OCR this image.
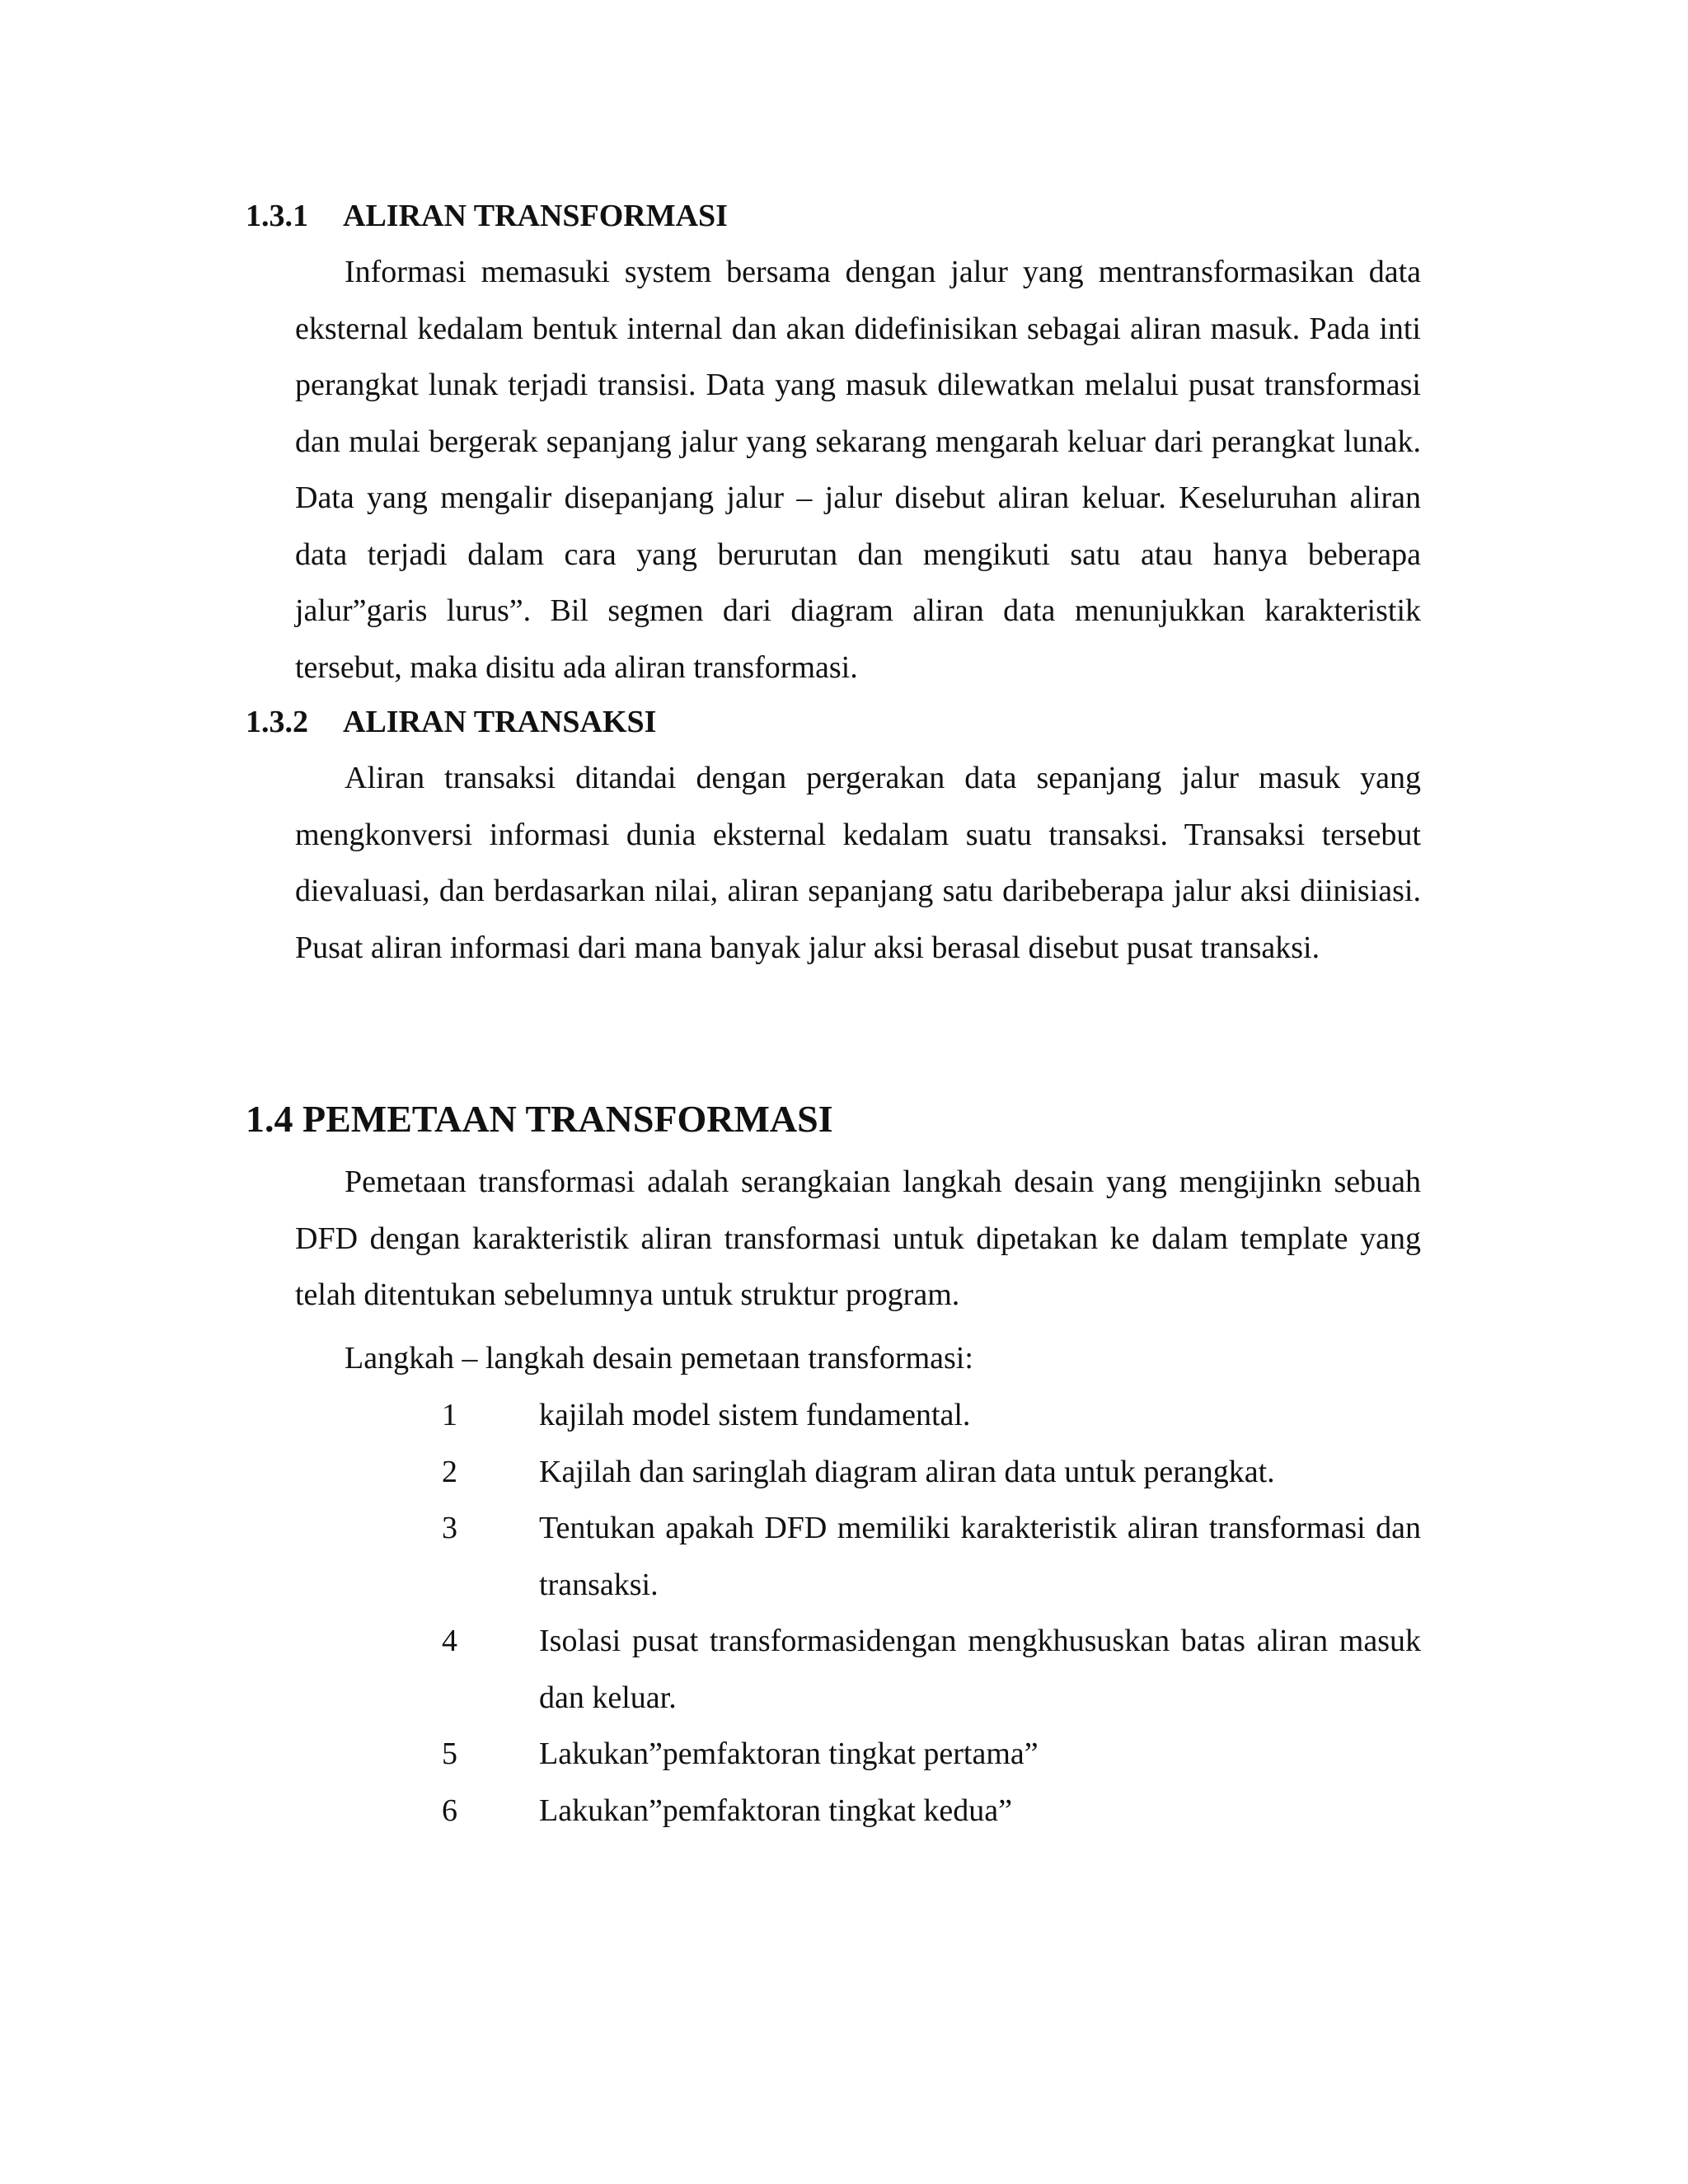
1.3.1 ALIRAN TRANSFORMASI
Informasi memasuki system bersama dengan jalur yang mentransformasikan data eksternal kedalam bentuk internal dan akan didefinisikan sebagai aliran masuk. Pada inti perangkat lunak terjadi transisi. Data yang masuk dilewatkan melalui pusat transformasi dan mulai bergerak sepanjang jalur yang sekarang mengarah keluar dari perangkat lunak. Data yang mengalir disepanjang jalur – jalur disebut aliran keluar. Keseluruhan aliran data terjadi dalam cara yang berurutan dan mengikuti satu atau hanya beberapa jalur”garis lurus”. Bil segmen dari diagram aliran data menunjukkan karakteristik tersebut, maka disitu ada aliran transformasi.
1.3.2 ALIRAN TRANSAKSI
Aliran transaksi ditandai dengan pergerakan data sepanjang jalur masuk yang mengkonversi informasi dunia eksternal kedalam suatu transaksi. Transaksi tersebut dievaluasi, dan berdasarkan nilai, aliran sepanjang satu daribeberapa jalur aksi diinisiasi. Pusat aliran informasi dari mana banyak jalur aksi berasal disebut pusat transaksi.
1.4 PEMETAAN TRANSFORMASI
Pemetaan transformasi adalah serangkaian langkah desain yang mengijinkn sebuah DFD dengan karakteristik aliran transformasi untuk dipetakan ke dalam template yang telah ditentukan sebelumnya untuk struktur program.
Langkah – langkah desain pemetaan transformasi:
1	kajilah model sistem fundamental.
2	Kajilah dan saringlah diagram aliran data untuk perangkat.
3	Tentukan apakah DFD memiliki karakteristik aliran transformasi dan transaksi.
4	Isolasi pusat transformasidengan mengkhususkan batas aliran masuk dan keluar.
5	Lakukan”pemfaktoran tingkat pertama”
6	Lakukan”pemfaktoran tingkat kedua”
